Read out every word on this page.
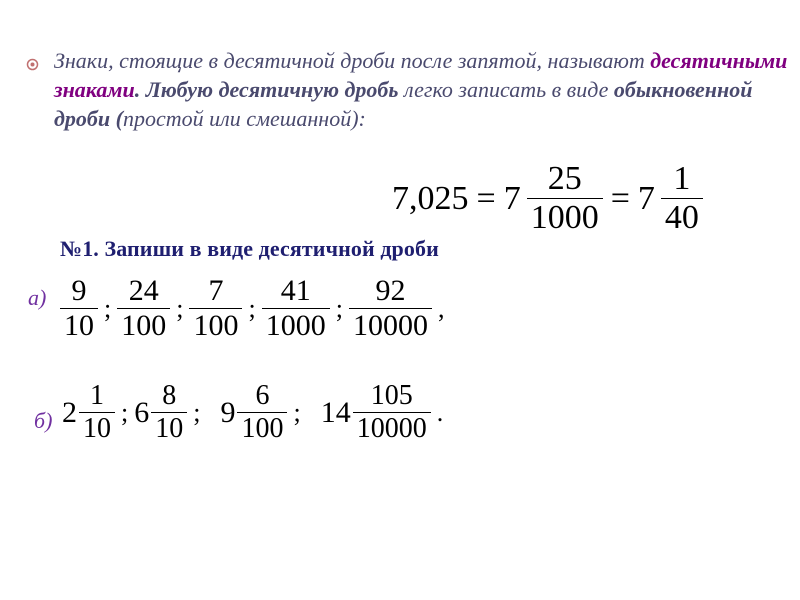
Знаки, стоящие в десятичной дроби после запятой, называют десятичными знаками. Любую десятичную дробь легко записать в виде обыкновенной дроби (простой или смешанной):

$7,025 = 7 \frac{25}{1000} = 7 \frac{1}{40}$

№1. Запиши в виде десятичной дроби

$а) \frac{9}{10}$ ; $\frac{24}{100}$ ; $\frac{7}{100}$ ; $\frac{41}{1000}$ ; $\frac{92}{10000}$ ,
б) $2 \frac{1}{10}$ ; $6 \frac{8}{10}$ ; $9 \frac{6}{100}$ ; $14 \frac{105}{10000}$ .
